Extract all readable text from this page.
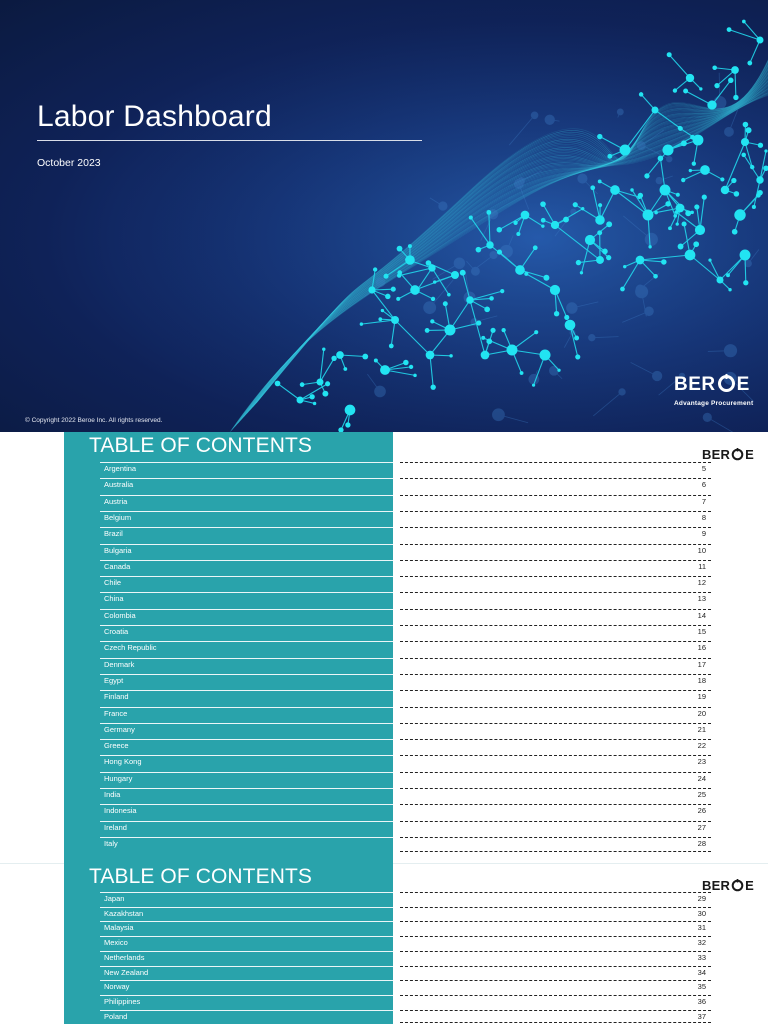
Labor Dashboard
October 2023
© Copyright 2022 Beroe Inc. All rights reserved.
BER E
Advantage Procurement
TABLE OF CONTENTS	BER E
Argentina	5
Australia	6
Austria	7
Belgium	8
Brazil	9
Bulgaria	10
Canada	11
Chile	12
China	13
Colombia	14
Croatia	15
Czech Republic	16
Denmark	17
Egypt	18
Finland	19
France	20
Germany	21
Greece	22
Hong Kong	23
Hungary	24
India	25
Indonesia	26
Ireland	27
Italy	28
TABLE OF CONTENTS	BER E
Japan	29
Kazakhstan	30
Malaysia	31
Mexico	32
Netherlands	33
New Zealand	34
Norway	35
Philippines	36
Poland	37
